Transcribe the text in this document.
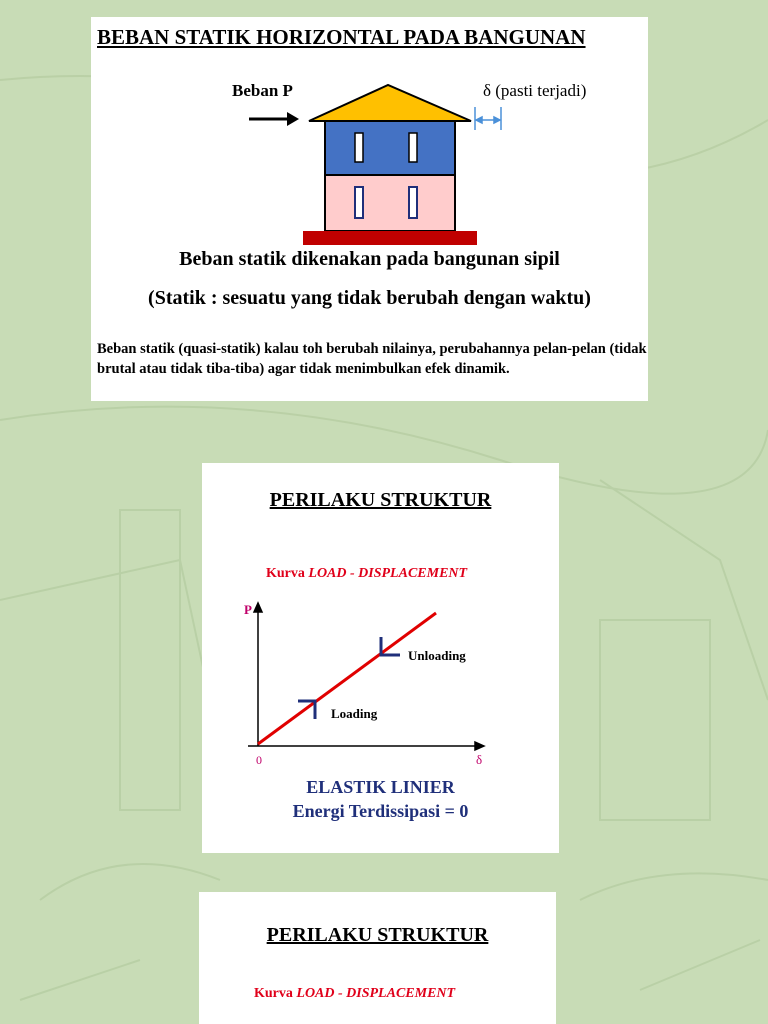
BEBAN STATIK HORIZONTAL PADA BANGUNAN
Beban P	δ (pasti terjadi)
Beban statik dikenakan pada bangunan sipil
(Statik : sesuatu yang tidak berubah dengan waktu)
Beban statik (quasi-statik) kalau toh berubah nilainya, perubahannya pelan-pelan (tidak brutal atau tidak tiba-tiba) agar tidak menimbulkan efek dinamik.
PERILAKU STRUKTUR
Kurva LOAD - DISPLACEMENT
P
δ
0
Unloading
Loading
ELASTIK LINIER
Energi Terdissipasi = 0
PERILAKU STRUKTUR
Kurva LOAD - DISPLACEMENT
